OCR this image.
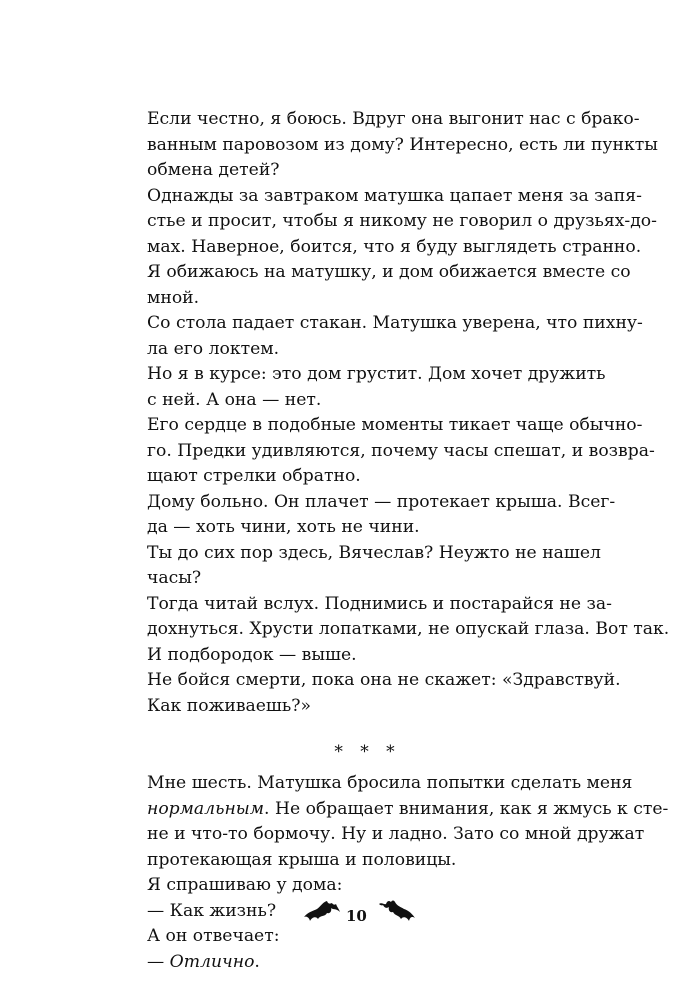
Если честно, я боюсь. Вдруг она выгонит нас с брако-
ванным паровозом из дому? Интересно, есть ли пункты
обмена детей?
Однажды за завтраком матушка цапает меня за запя-
стье и просит, чтобы я никому не говорил о друзьях-до-
мах. Наверное, боится, что я буду выглядеть странно.
Я обижаюсь на матушку, и дом обижается вместе со
мной.
Со стола падает стакан. Матушка уверена, что пихну-
ла его локтем.
Но я в курсе: это дом грустит. Дом хочет дружить
с ней. А она — нет.
Его сердце в подобные моменты тикает чаще обычно-
го. Предки удивляются, почему часы спешат, и возвра-
щают стрелки обратно.
Дому больно. Он плачет — протекает крыша. Всег-
да — хоть чини, хоть не чини.
Ты до сих пор здесь, Вячеслав? Неужто не нашел
часы?
Тогда читай вслух. Поднимись и постарайся не за-
дохнуться. Хрусти лопатками, не опускай глаза. Вот так.
И подбородок — выше.
Не бойся смерти, пока она не скажет: «Здравствуй.
Как поживаешь?»
* * *
Мне шесть. Матушка бросила попытки сделать меня
нормальным. Не обращает внимания, как я жмусь к сте-
не и что-то бормочу. Ну и ладно. Зато со мной дружат
протекающая крыша и половицы.
Я спрашиваю у дома:
— Как жизнь?
А он отвечает:
— Отлично.
10
